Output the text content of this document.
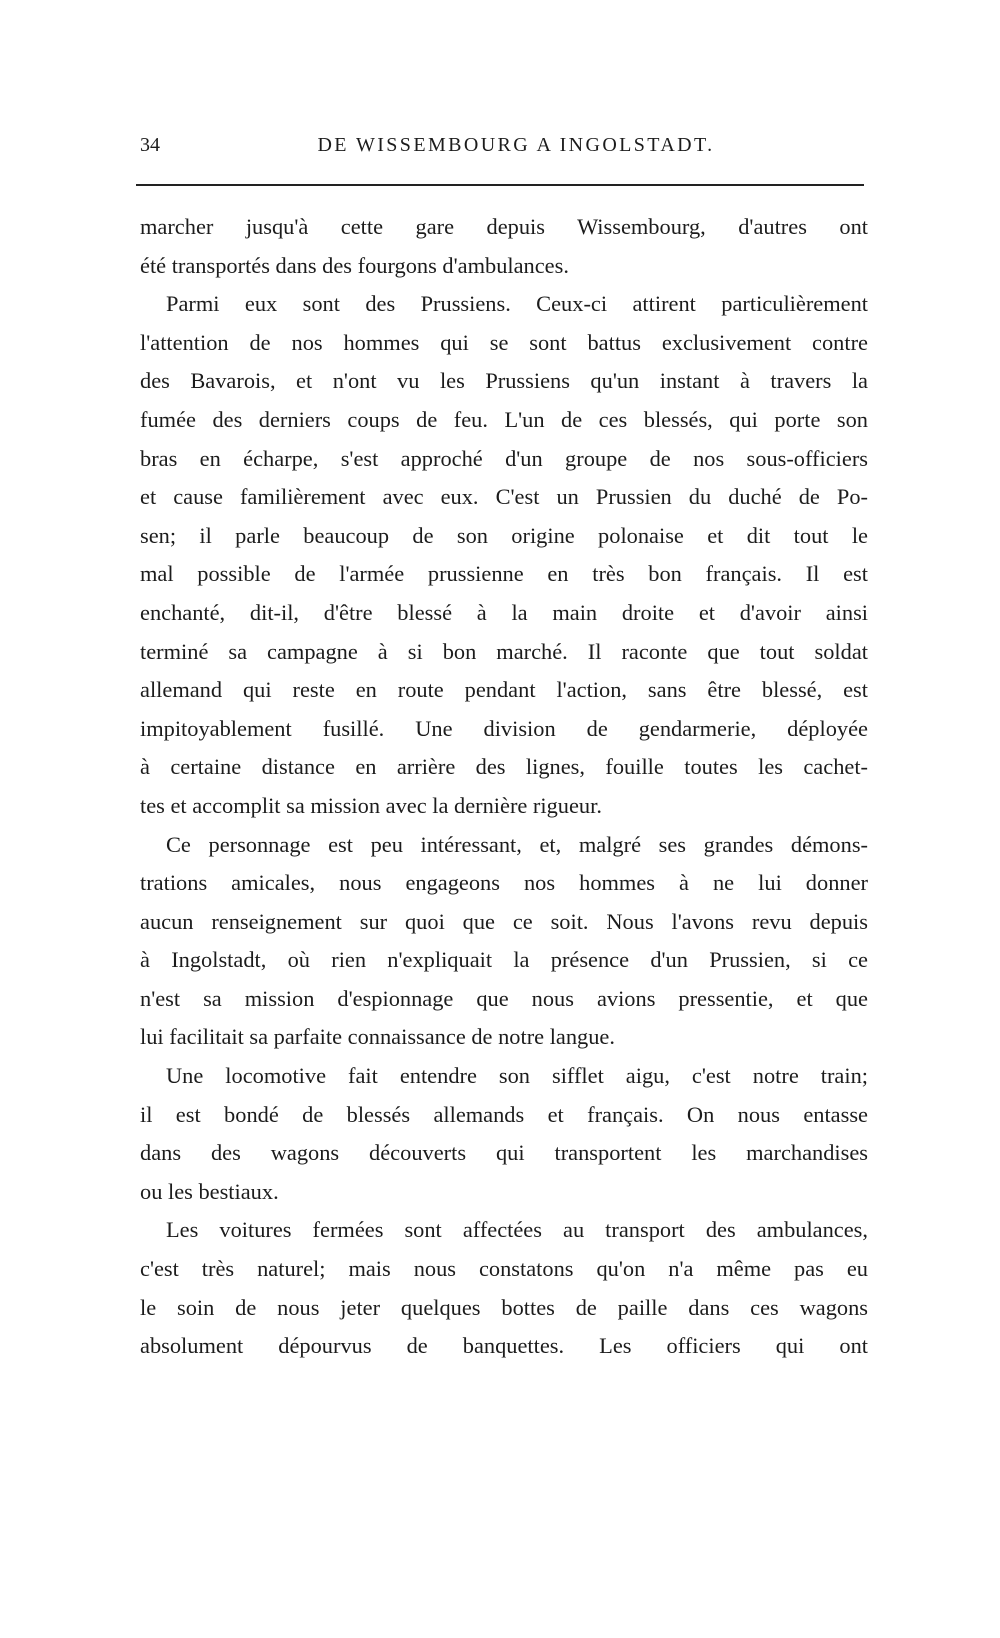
34	DE WISSEMBOURG A INGOLSTADT.
marcher jusqu'à cette gare depuis Wissembourg, d'autres ont
été transportés dans des fourgons d'ambulances.
Parmi eux sont des Prussiens. Ceux-ci attirent particulièrement
l'attention de nos hommes qui se sont battus exclusivement contre
des Bavarois, et n'ont vu les Prussiens qu'un instant à travers la
fumée des derniers coups de feu. L'un de ces blessés, qui porte son
bras en écharpe, s'est approché d'un groupe de nos sous-officiers
et cause familièrement avec eux. C'est un Prussien du duché de Po-
sen; il parle beaucoup de son origine polonaise et dit tout le
mal possible de l'armée prussienne en très bon français. Il est
enchanté, dit-il, d'être blessé à la main droite et d'avoir ainsi
terminé sa campagne à si bon marché. Il raconte que tout soldat
allemand qui reste en route pendant l'action, sans être blessé, est
impitoyablement fusillé. Une division de gendarmerie, déployée
à certaine distance en arrière des lignes, fouille toutes les cachet-
tes et accomplit sa mission avec la dernière rigueur.
Ce personnage est peu intéressant, et, malgré ses grandes démons-
trations amicales, nous engageons nos hommes à ne lui donner
aucun renseignement sur quoi que ce soit. Nous l'avons revu depuis
à Ingolstadt, où rien n'expliquait la présence d'un Prussien, si ce
n'est sa mission d'espionnage que nous avions pressentie, et que
lui facilitait sa parfaite connaissance de notre langue.
Une locomotive fait entendre son sifflet aigu, c'est notre train;
il est bondé de blessés allemands et français. On nous entasse
dans des wagons découverts qui transportent les marchandises
ou les bestiaux.
Les voitures fermées sont affectées au transport des ambulances,
c'est très naturel; mais nous constatons qu'on n'a même pas eu
le soin de nous jeter quelques bottes de paille dans ces wagons
absolument dépourvus de banquettes. Les officiers qui ont
